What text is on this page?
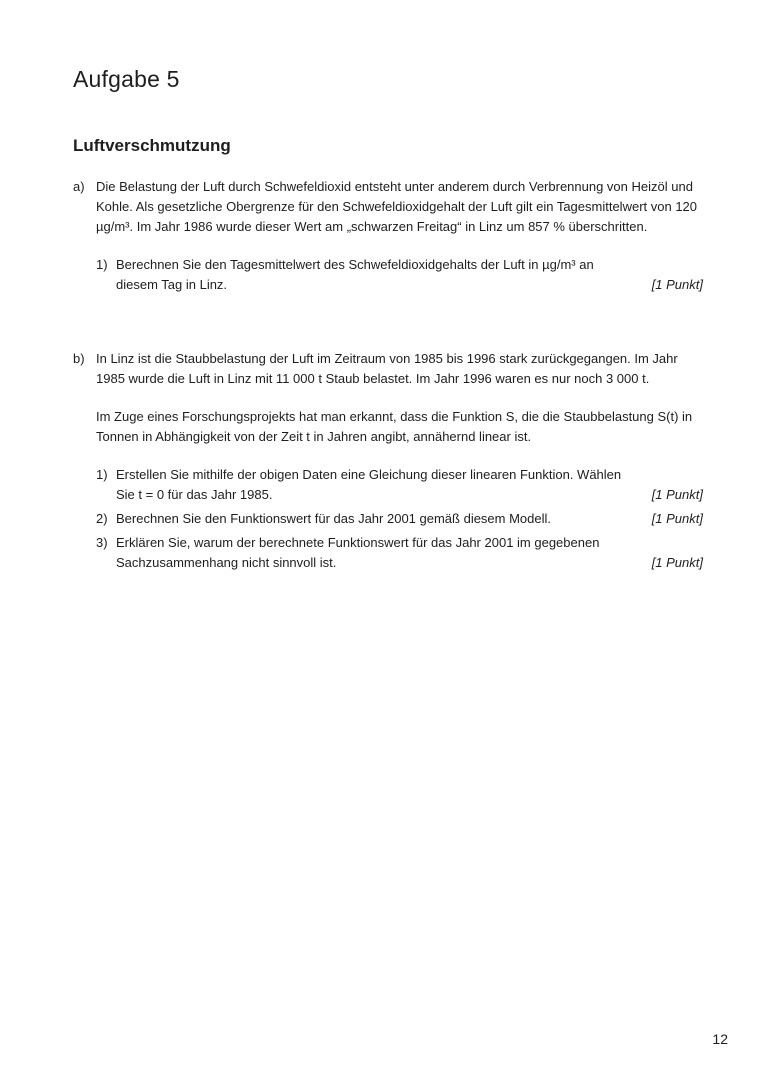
Aufgabe 5
Luftverschmutzung
a) Die Belastung der Luft durch Schwefeldioxid entsteht unter anderem durch Verbrennung von Heizöl und Kohle. Als gesetzliche Obergrenze für den Schwefeldioxidgehalt der Luft gilt ein Tagesmittelwert von 120 µg/m³. Im Jahr 1986 wurde dieser Wert am „schwarzen Freitag“ in Linz um 857 % überschritten.

1)
[1 Punkt]
Berechnen Sie den Tagesmittelwert des Schwefeldioxidgehalts der Luft in µg/m³ an diesem Tag in Linz.
b) In Linz ist die Staubbelastung der Luft im Zeitraum von 1985 bis 1996 stark zurückgegangen. Im Jahr 1985 wurde die Luft in Linz mit 11 000 t Staub belastet. Im Jahr 1996 waren es nur noch 3 000 t.

Im Zuge eines Forschungsprojekts hat man erkannt, dass die Funktion S, die die Staubbelastung S(t) in Tonnen in Abhängigkeit von der Zeit t in Jahren angibt, annähernd linear ist.

1)
[1 Punkt]
Erstellen Sie mithilfe der obigen Daten eine Gleichung dieser linearen Funktion. Wählen Sie t = 0 für das Jahr 1985.
2)	[1 Punkt]
Berechnen Sie den Funktionswert für das Jahr 2001 gemäß diesem Modell.
3)
[1 Punkt]
Erklären Sie, warum der berechnete Funktionswert für das Jahr 2001 im gegebenen Sachzusammenhang nicht sinnvoll ist.
12
